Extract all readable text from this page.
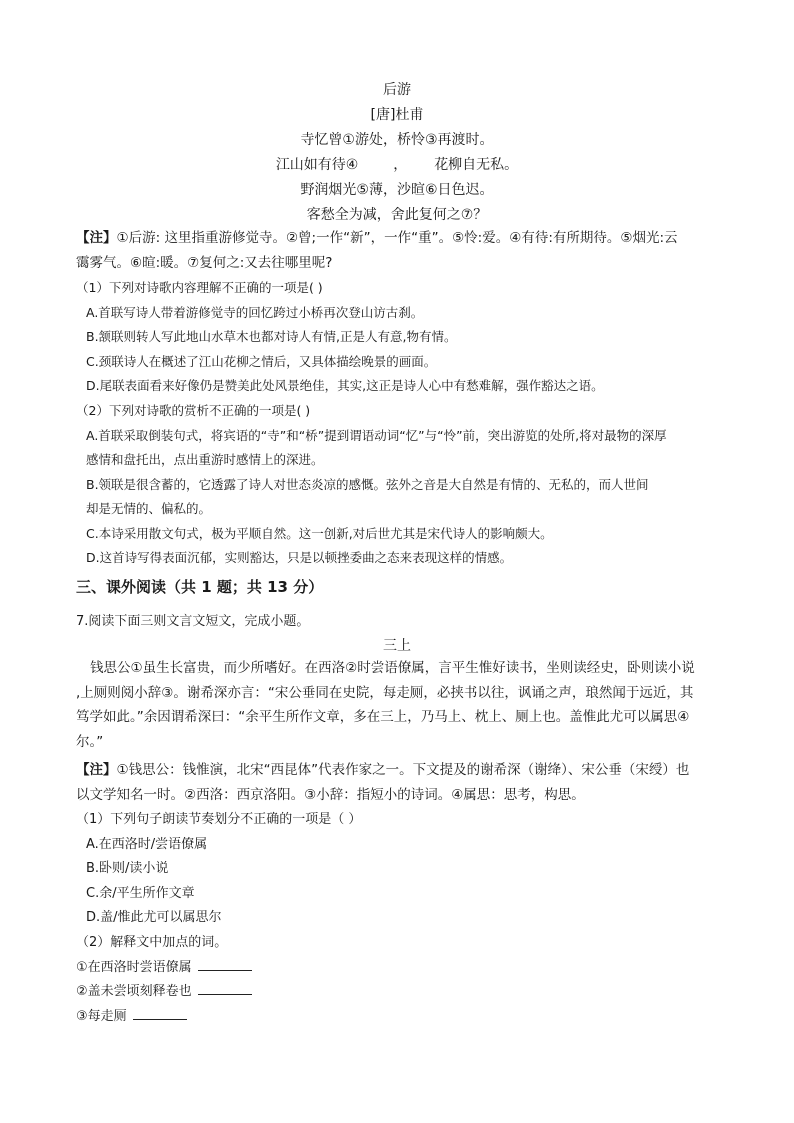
后游
[唐]杜甫
寺忆曾①游处，桥怜③再渡时。
江山如有待④ ， 花柳自无私。
野润烟光⑤薄，沙暄⑥日色迟。
客愁全为减，舍此复何之⑦？
【注】①后游: 这里指重游修觉寺。②曾;一作“新”，一作“重”。⑤怜:爱。④有待:有所期待。⑤烟光:云
霭雾气。⑥暄:暖。⑦复何之:又去往哪里呢?
（1）下列对诗歌内容理解不正确的一项是( )
A.首联写诗人带着游修觉寺的回忆跨过小桥再次登山访古刹。
B.颔联则转人写此地山水草木也都对诗人有情,正是人有意,物有情。
C.颈联诗人在概述了江山花柳之情后，又具体描绘晚景的画面。
D.尾联表面看来好像仍是赞美此处风景绝佳，其实,这正是诗人心中有愁难解，强作豁达之语。
（2）下列对诗歌的赏析不正确的一项是( )
A.首联采取倒装句式，将宾语的“寺”和“桥”提到谓语动词“忆”与“怜”前，突出游览的处所,将对最物的深厚
感情和盘托出，点出重游时感情上的深进。
B.领联是很含蓄的，它透露了诗人对世态炎凉的感慨。弦外之音是大自然是有情的、无私的，而人世间
却是无情的、偏私的。
C.本诗采用散文句式，极为平顺自然。这一创新,对后世尤其是宋代诗人的影响颇大。
D.这首诗写得表面沉郁，实则豁达，只是以顿挫委曲之态来表现这样的情感。
三、课外阅读（共 1 题；共 13 分）
7.阅读下面三则文言文短文，完成小题。
三上
钱思公①虽生长富贵，而少所嗜好。在西洛②时尝语僚属，言平生惟好读书，坐则读经史，卧则读小说
,上厕则阅小辞③。谢希深亦言：“宋公垂同在史院，每走厕，必挟书以往，讽诵之声，琅然闻于远近，其
笃学如此。”余因谓希深曰：“余平生所作文章，多在三上，乃马上、枕上、厕上也。盖惟此尤可以属思④
尔。”
【注】①钱思公：钱惟演，北宋“西昆体”代表作家之一。下文提及的谢希深（谢绛）、宋公垂（宋绶）也
以文学知名一时。②西洛：西京洛阳。③小辞：指短小的诗词。④属思：思考，构思。
（1）下列句子朗读节奏划分不正确的一项是（ ）
A.在西洛时/尝语僚属
B.卧则/读小说
C.余/平生所作文章
D.盖/惟此尤可以属思尔
（2）解释文中加点的词。
①在西洛时尝语僚属
②盖未尝顷刻释卷也
③每走厕
